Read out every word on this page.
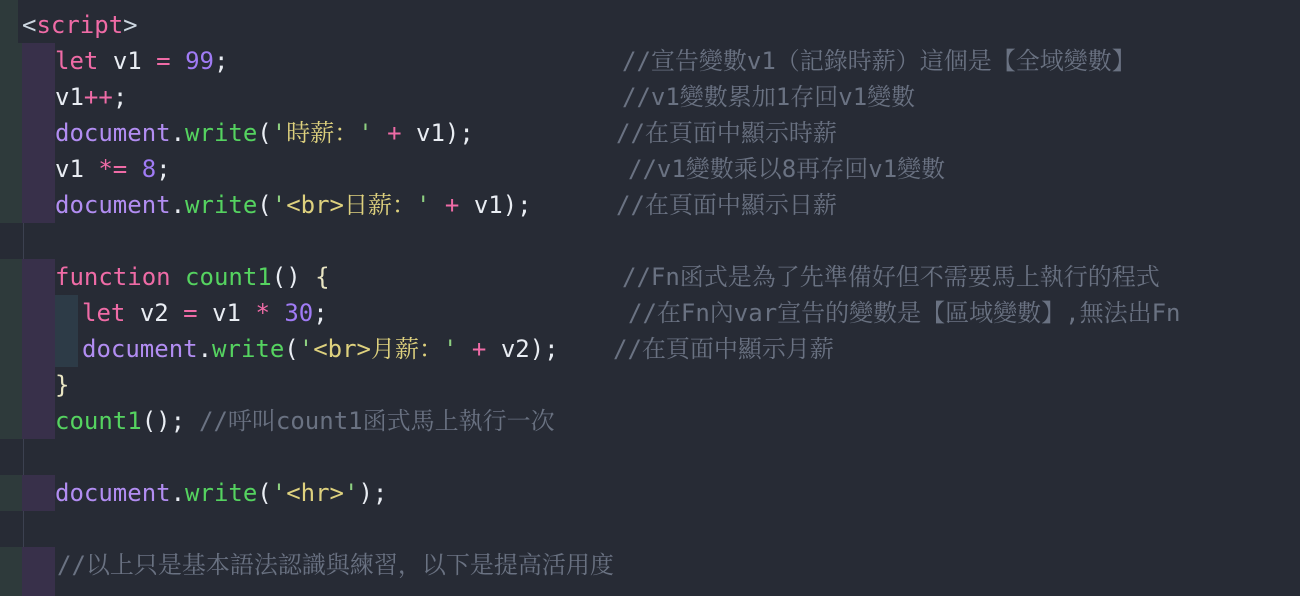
<script>
let v1 = 99;	//宣告變數v1（記錄時薪）這個是【全域變數】
v1++;	//v1變數累加1存回v1變數
document.write('時薪：' + v1);	//在頁面中顯示時薪
v1 *= 8;	//v1變數乘以8再存回v1變數
document.write('<br>日薪：' + v1);	//在頁面中顯示日薪
function count1() {	//Fn函式是為了先準備好但不需要馬上執行的程式
let v2 = v1 * 30;	//在Fn內var宣告的變數是【區域變數】,無法出Fn
document.write('<br>月薪：' + v2); //在頁面中顯示月薪
}
count1(); //呼叫count1函式馬上執行一次
document.write('<hr>');
//以上只是基本語法認識與練習，以下是提高活用度
